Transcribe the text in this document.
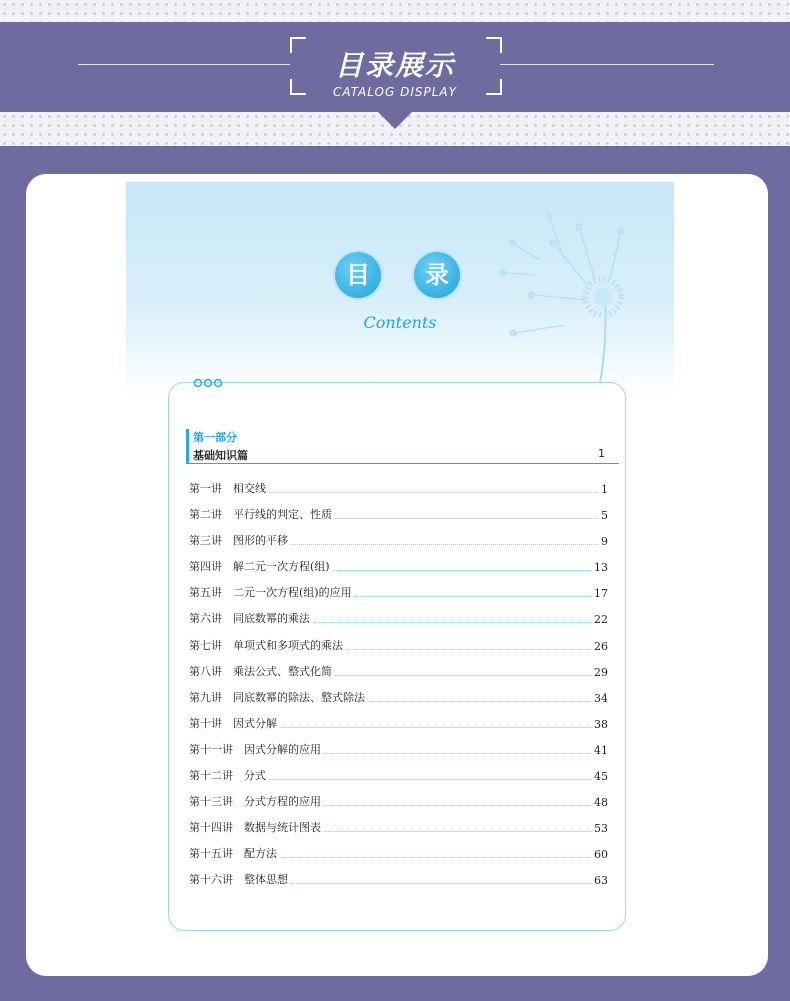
目录展示
CATALOG DISPLAY
目	录
Contents
第一部分
基础知识篇	1
第一讲 相交线	1
第二讲 平行线的判定、性质	5
第三讲 图形的平移	9
第四讲 解二元一次方程(组)	13
第五讲 二元一次方程(组)的应用	17
第六讲 同底数幂的乘法	22
第七讲 单项式和多项式的乘法	26
第八讲 乘法公式、整式化简	29
第九讲 同底数幂的除法、整式除法	34
第十讲 因式分解	38
第十一讲 因式分解的应用	41
第十二讲 分式	45
第十三讲 分式方程的应用	48
第十四讲 数据与统计图表	53
第十五讲 配方法	60
第十六讲 整体思想	63
